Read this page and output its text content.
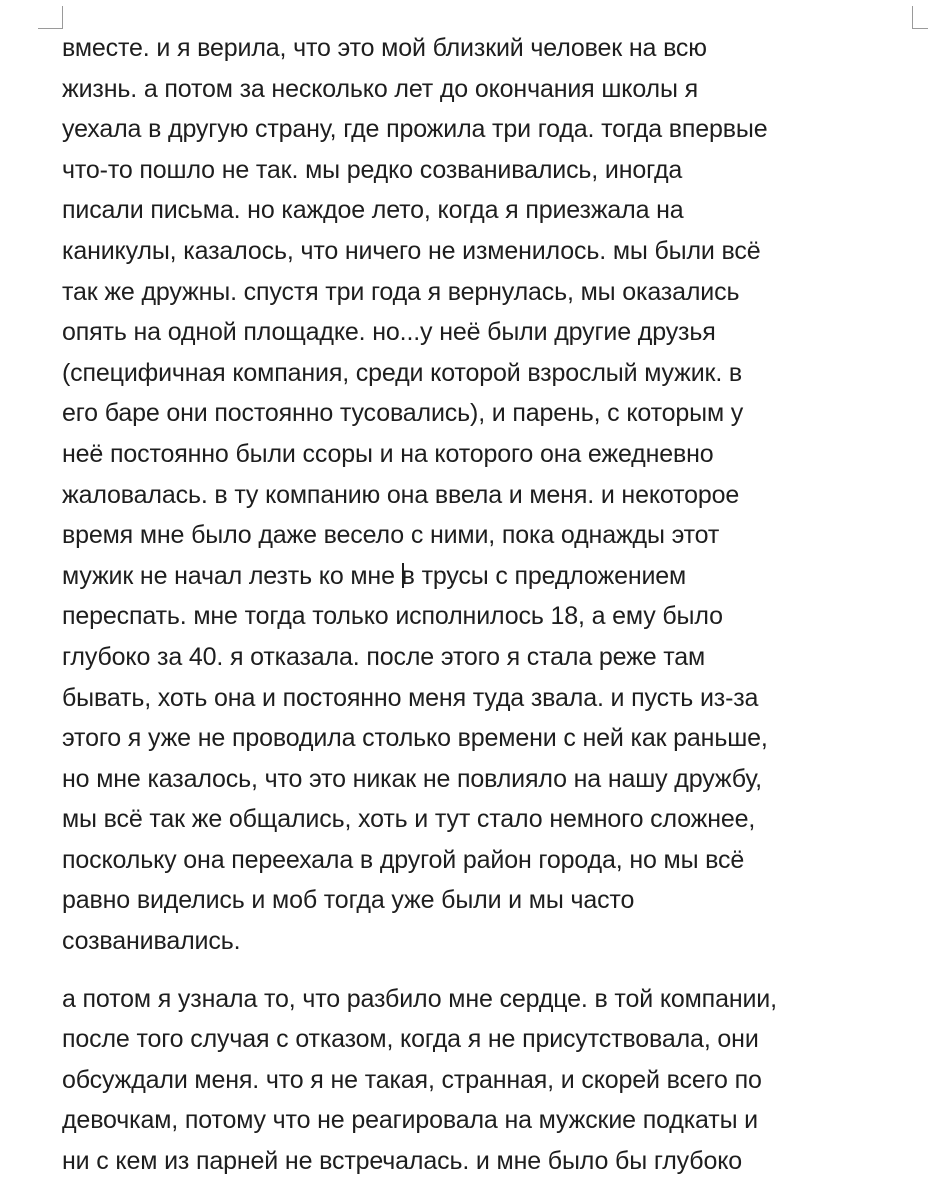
вместе. и я верила, что это мой близкий человек на всю
жизнь. а потом за несколько лет до окончания школы я
уехала в другую страну, где прожила три года. тогда впервые
что-то пошло не так. мы редко созванивались, иногда
писали письма. но каждое лето, когда я приезжала на
каникулы, казалось, что ничего не изменилось. мы были всё
так же дружны. спустя три года я вернулась, мы оказались
опять на одной площадке. но...у неё были другие друзья
(специфичная компания, среди которой взрослый мужик. в
его баре они постоянно тусовались), и парень, с которым у
неё постоянно были ссоры и на которого она ежедневно
жаловалась. в ту компанию она ввела и меня. и некоторое
время мне было даже весело с ними, пока однажды этот
мужик не начал лезть ко мне в трусы с предложением
переспать. мне тогда только исполнилось 18, а ему было
глубоко за 40. я отказала. после этого я стала реже там
бывать, хоть она и постоянно меня туда звала. и пусть из-за
этого я уже не проводила столько времени с ней как раньше,
но мне казалось, что это никак не повлияло на нашу дружбу,
мы всё так же общались, хоть и тут стало немного сложнее,
поскольку она переехала в другой район города, но мы всё
равно виделись и моб тогда уже были и мы часто
созванивались.

а потом я узнала то, что разбило мне сердце. в той компании,
после того случая с отказом, когда я не присутствовала, они
обсуждали меня. что я не такая, странная, и скорей всего по
девочкам, потому что не реагировала на мужские подкаты и
ни с кем из парней не встречалась. и мне было бы глубоко
